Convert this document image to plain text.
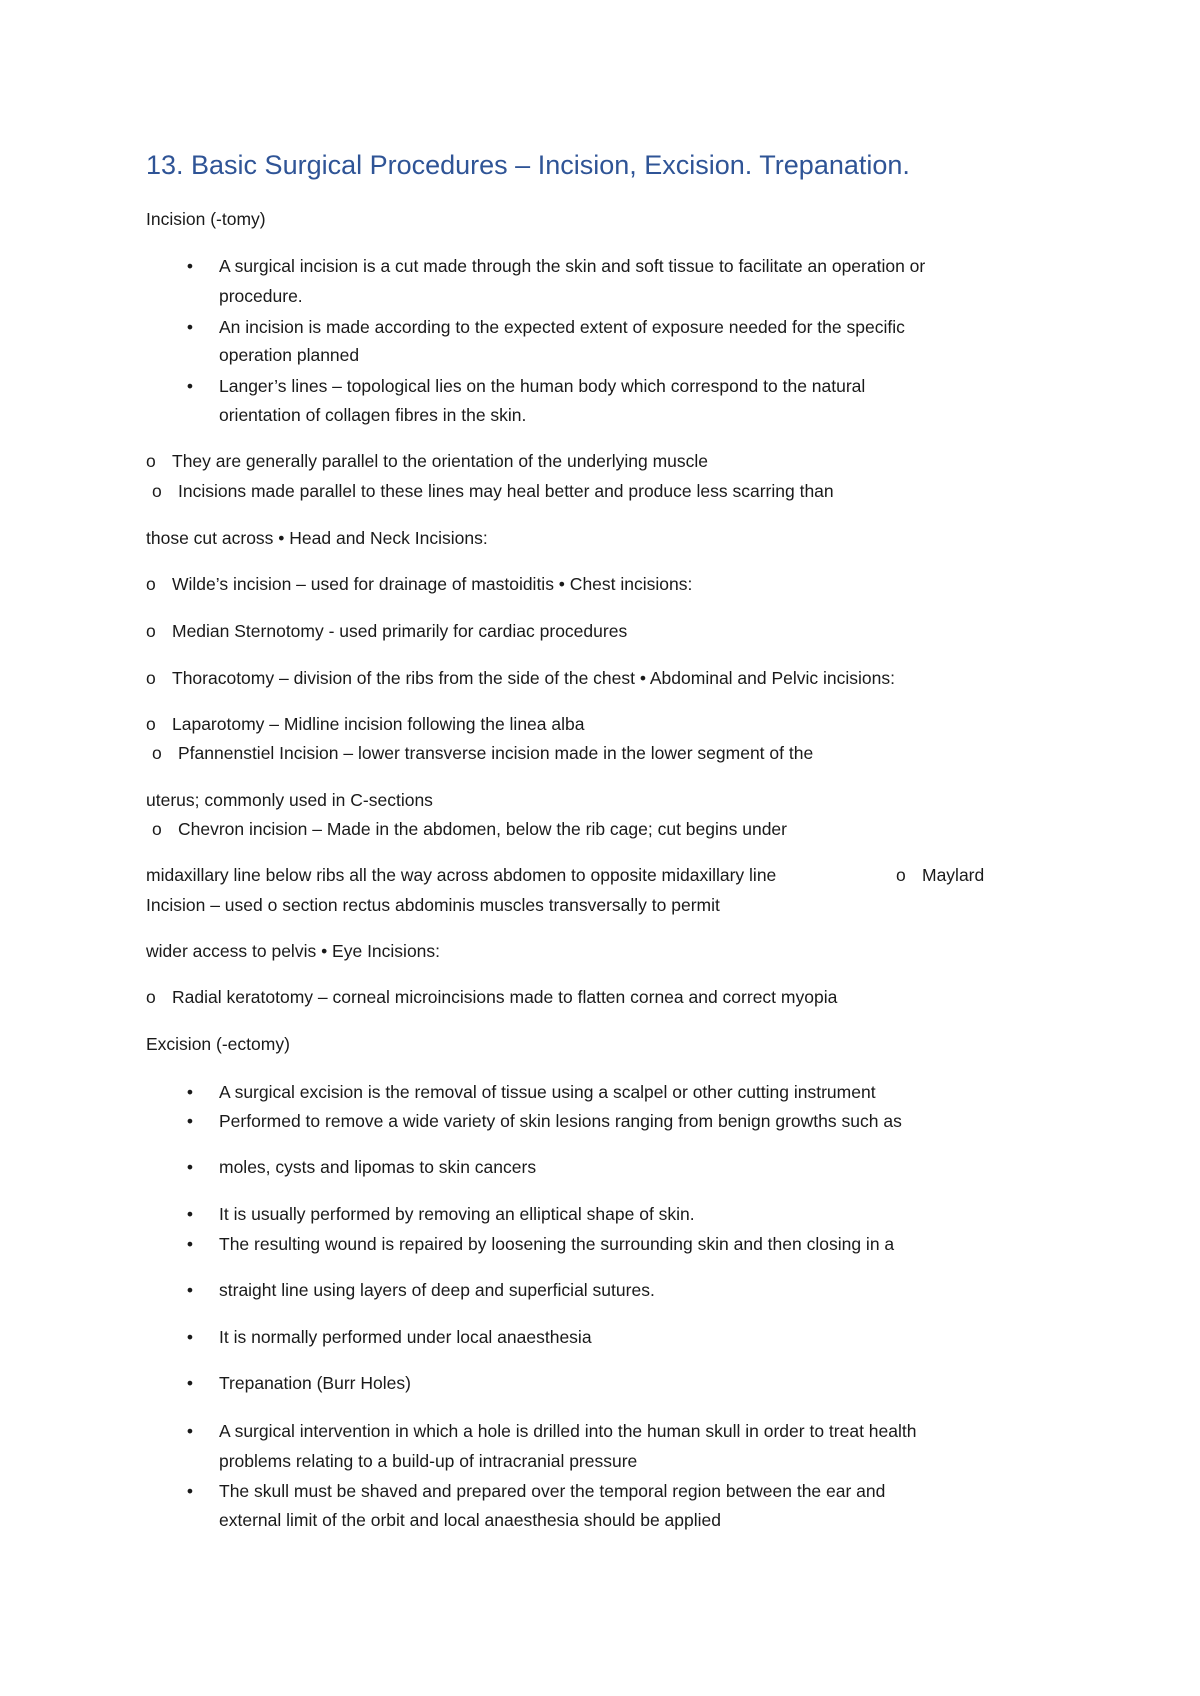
13. Basic Surgical Procedures – Incision, Excision. Trepanation.
Incision (-tomy)
•	A surgical incision is a cut made through the skin and soft tissue to facilitate an operation or
procedure.
•	An incision is made according to the expected extent of exposure needed for the specific
operation planned
•	Langer’s lines – topological lies on the human body which correspond to the natural
orientation of collagen fibres in the skin.
o They are generally parallel to the orientation of the underlying muscle
o Incisions made parallel to these lines may heal better and produce less scarring than
those cut across • Head and Neck Incisions:
o Wilde’s incision – used for drainage of mastoiditis • Chest incisions:
o Median Sternotomy - used primarily for cardiac procedures
o Thoracotomy – division of the ribs from the side of the chest • Abdominal and Pelvic incisions:
o Laparotomy – Midline incision following the linea alba
o Pfannenstiel Incision – lower transverse incision made in the lower segment of the
uterus; commonly used in C-sections
o Chevron incision – Made in the abdomen, below the rib cage; cut begins under
midaxillary line below ribs all the way across abdomen to opposite midaxillary line	o Maylard
Incision – used o section rectus abdominis muscles transversally to permit
wider access to pelvis • Eye Incisions:
o Radial keratotomy – corneal microincisions made to flatten cornea and correct myopia
Excision (-ectomy)
•	A surgical excision is the removal of tissue using a scalpel or other cutting instrument
•	Performed to remove a wide variety of skin lesions ranging from benign growths such as
•	moles, cysts and lipomas to skin cancers
•	It is usually performed by removing an elliptical shape of skin.
•	The resulting wound is repaired by loosening the surrounding skin and then closing in a
•	straight line using layers of deep and superficial sutures.
•	It is normally performed under local anaesthesia
•	Trepanation (Burr Holes)
•	A surgical intervention in which a hole is drilled into the human skull in order to treat health
problems relating to a build-up of intracranial pressure
•	The skull must be shaved and prepared over the temporal region between the ear and
external limit of the orbit and local anaesthesia should be applied
